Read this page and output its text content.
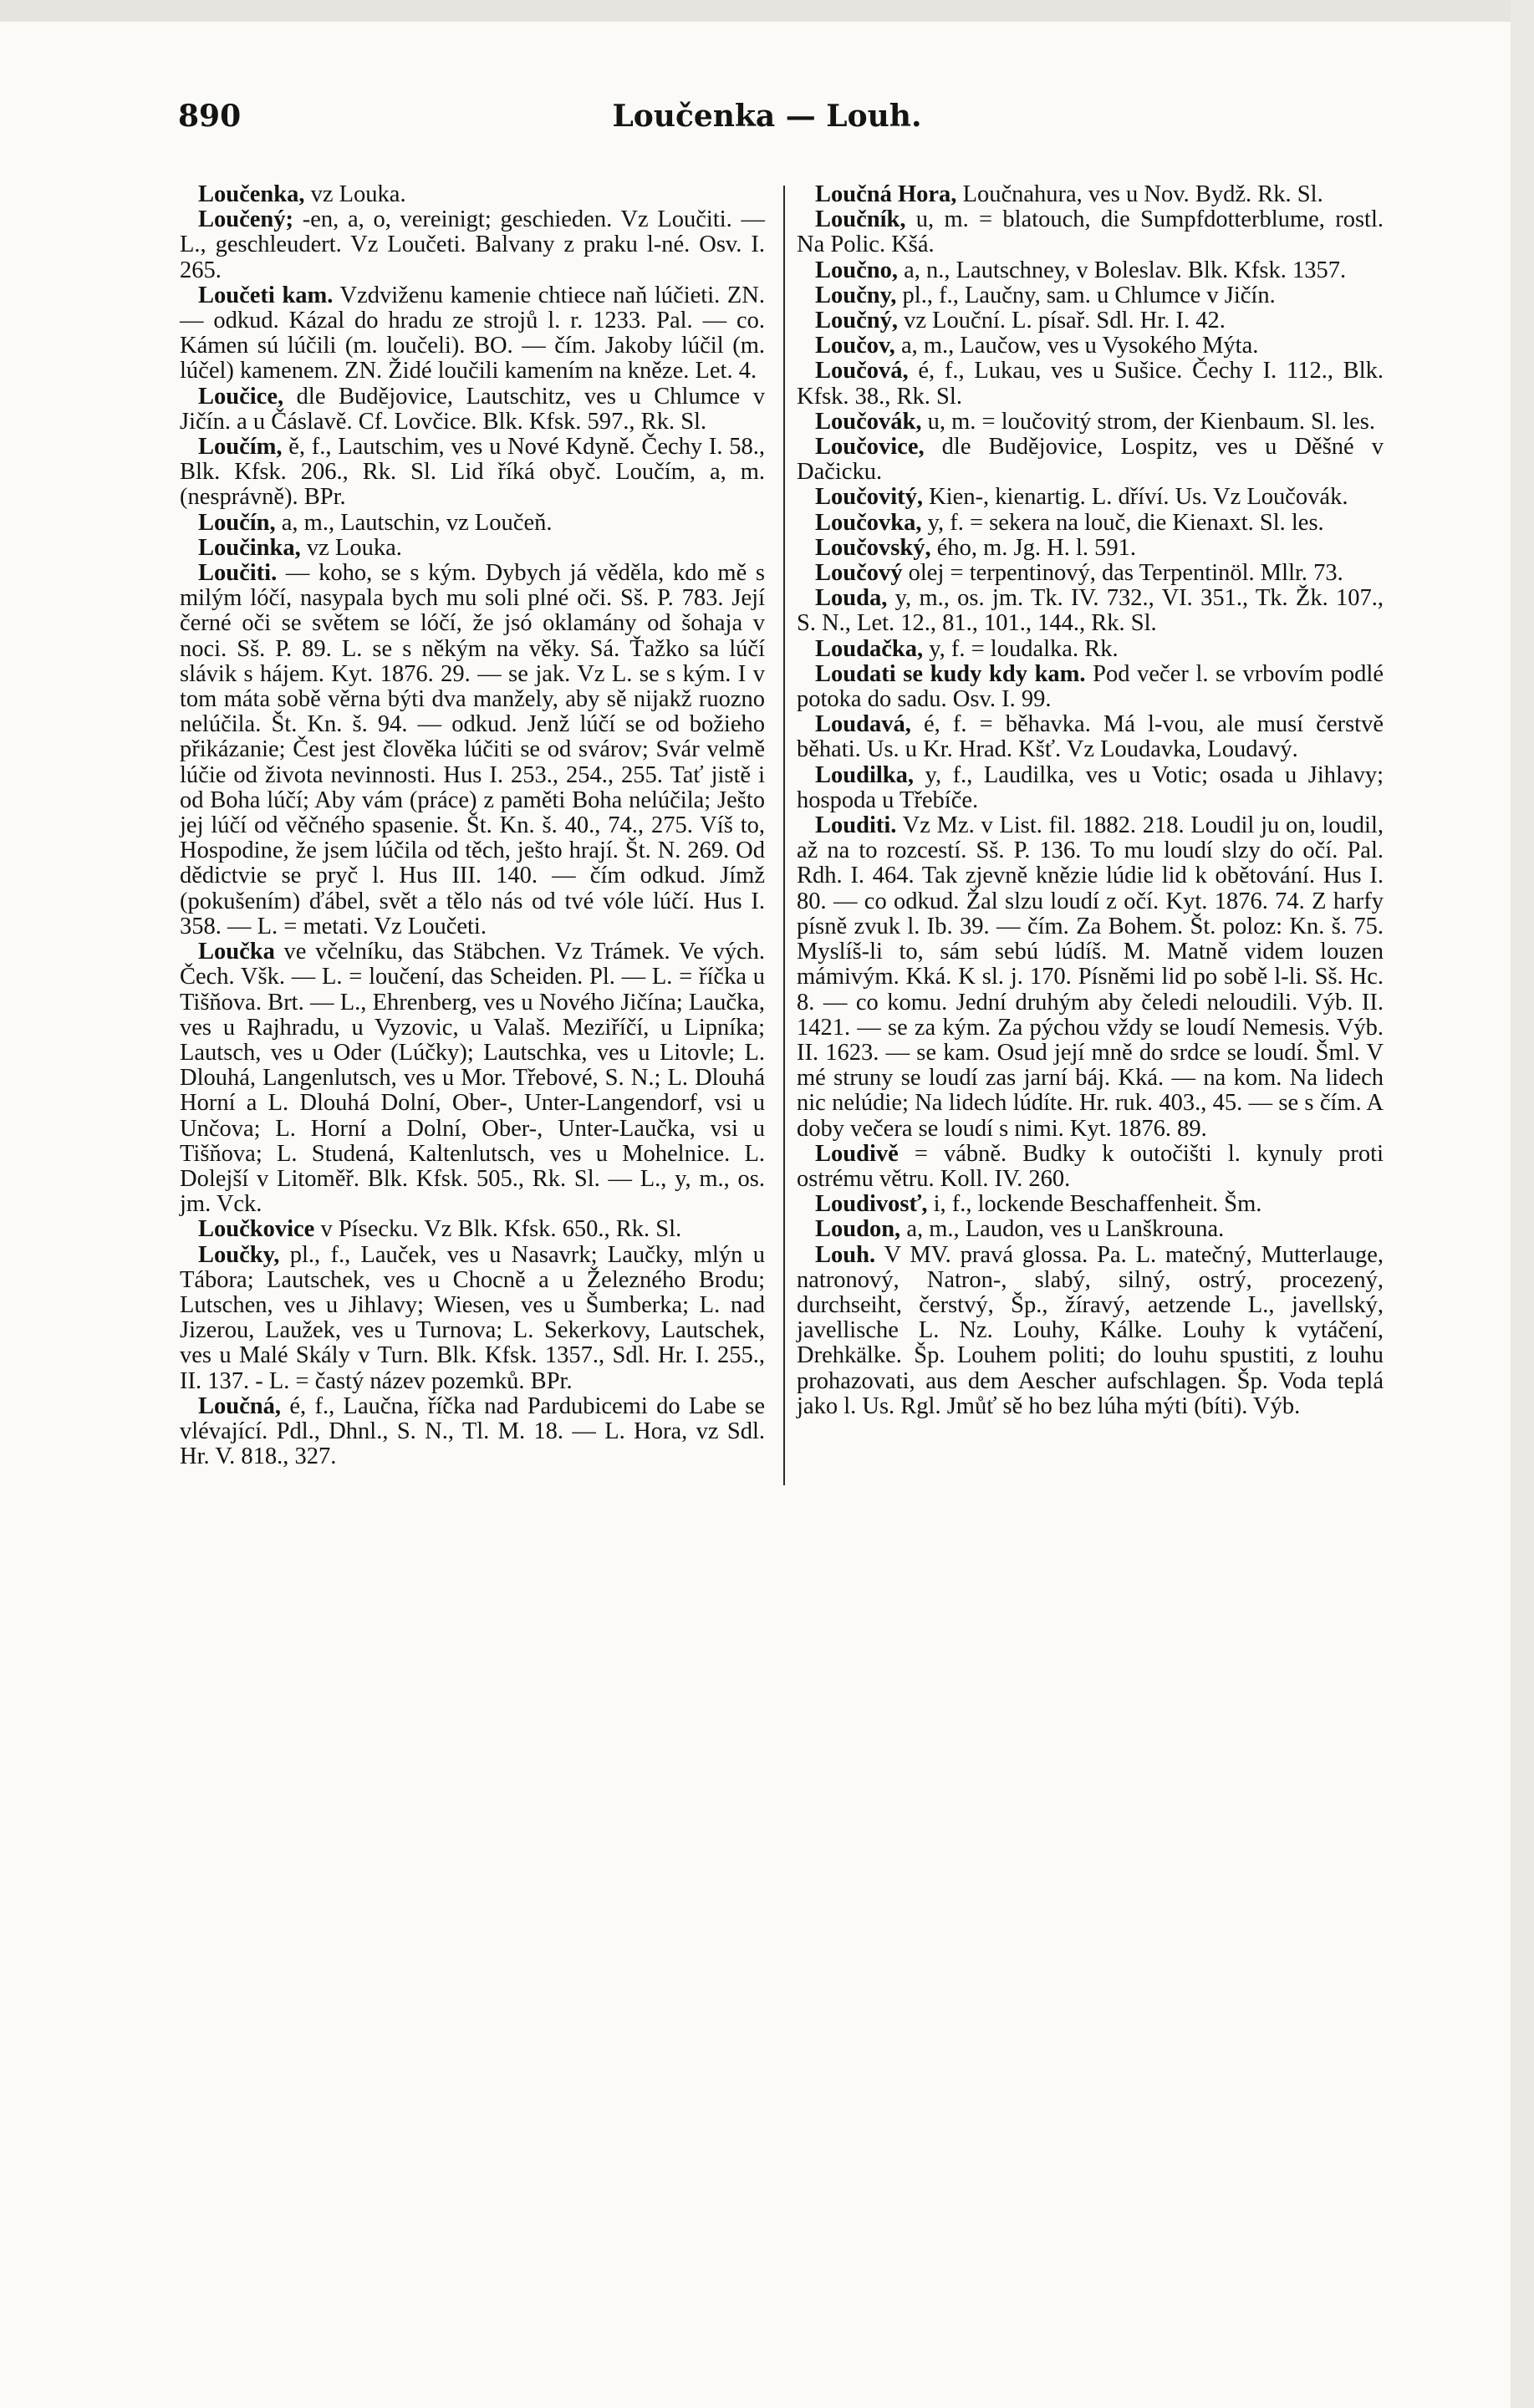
890	Loučenka — Louh.

Loučenka, vz Louka.

Loučený; -en, a, o, vereinigt; geschieden. Vz Loučiti. — L., geschleudert. Vz Loučeti. Balvany z praku l-né. Osv. I. 265.

Loučeti kam. Vzdviženu kamenie chtiece naň lúčieti. ZN. — odkud. Kázal do hradu ze strojů l. r. 1233. Pal. — co. Kámen sú lúčili (m. loučeli). BO. — čím. Jakoby lúčil (m. lúčel) kamenem. ZN. Židé loučili kamením na kněze. Let. 4.

Loučice, dle Budějovice, Lautschitz, ves u Chlumce v Jičín. a u Čáslavě. Cf. Lovčice. Blk. Kfsk. 597., Rk. Sl.

Loučím, ě, f., Lautschim, ves u Nové Kdyně. Čechy I. 58., Blk. Kfsk. 206., Rk. Sl. Lid říká obyč. Loučím, a, m. (nesprávně). BPr.

Loučín, a, m., Lautschin, vz Loučeň.

Loučinka, vz Louka.

Loučiti. — koho, se s kým. Dybych já věděla, kdo mě s milým lóčí, nasypala bych mu soli plné oči. Sš. P. 783. Její černé oči se světem se lóčí, že jsó oklamány od šohaja v noci. Sš. P. 89. L. se s někým na věky. Sá. Ťažko sa lúčí slávik s hájem. Kyt. 1876. 29. — se jak. Vz L. se s kým. I v tom máta sobě věrna býti dva manžely, aby sě nijakž ruozno nelúčila. Št. Kn. š. 94. — odkud. Jenž lúčí se od božieho přikázanie; Čest jest člověka lúčiti se od svárov; Svár velmě lúčie od života nevinnosti. Hus I. 253., 254., 255. Tať jistě i od Boha lúčí; Aby vám (práce) z paměti Boha nelúčila; Ješto jej lúčí od věčného spasenie. Št. Kn. š. 40., 74., 275. Víš to, Hospodine, že jsem lúčila od těch, ješto hrají. Št. N. 269. Od dědictvie se pryč l. Hus III. 140. — čím odkud. Jímž (pokušením) ďábel, svět a tělo nás od tvé vóle lúčí. Hus I. 358. — L. = metati. Vz Loučeti.

Loučka ve včelníku, das Stäbchen. Vz Trámek. Ve vých. Čech. Všk. — L. = loučení, das Scheiden. Pl. — L. = říčka u Tišňova. Brt. — L., Ehrenberg, ves u Nového Jičína; Laučka, ves u Rajhradu, u Vyzovic, u Valaš. Meziříčí, u Lipníka; Lautsch, ves u Oder (Lúčky); Lautschka, ves u Litovle; L. Dlouhá, Langenlutsch, ves u Mor. Třebové, S. N.; L. Dlouhá Horní a L. Dlouhá Dolní, Ober-, Unter-Langendorf, vsi u Unčova; L. Horní a Dolní, Ober-, Unter-Laučka, vsi u Tišňova; L. Studená, Kaltenlutsch, ves u Mohelnice. L. Dolejší v Litoměř. Blk. Kfsk. 505., Rk. Sl. — L., y, m., os. jm. Vck.

Loučkovice v Písecku. Vz Blk. Kfsk. 650., Rk. Sl.

Loučky, pl., f., Lauček, ves u Nasavrk; Laučky, mlýn u Tábora; Lautschek, ves u Chocně a u Železného Brodu; Lutschen, ves u Jihlavy; Wiesen, ves u Šumberka; L. nad Jizerou, Laužek, ves u Turnova; L. Sekerkovy, Lautschek, ves u Malé Skály v Turn. Blk. Kfsk. 1357., Sdl. Hr. I. 255., II. 137. - L. = častý název pozemků. BPr.

Loučná, é, f., Laučna, říčka nad Pardubicemi do Labe se vlévající. Pdl., Dhnl., S. N., Tl. M. 18. — L. Hora, vz Sdl. Hr. V. 818., 327.

Loučná Hora, Loučnahura, ves u Nov. Bydž. Rk. Sl.

Loučník, u, m. = blatouch, die Sumpfdotterblume, rostl. Na Polic. Kšá.

Loučno, a, n., Lautschney, v Boleslav. Blk. Kfsk. 1357.

Loučny, pl., f., Laučny, sam. u Chlumce v Jičín.

Loučný, vz Louční. L. písař. Sdl. Hr. I. 42.

Loučov, a, m., Laučow, ves u Vysokého Mýta.

Loučová, é, f., Lukau, ves u Sušice. Čechy I. 112., Blk. Kfsk. 38., Rk. Sl.

Loučovák, u, m. = loučovitý strom, der Kienbaum. Sl. les.

Loučovice, dle Budějovice, Lospitz, ves u Děšné v Dačicku.

Loučovitý, Kien-, kienartig. L. dříví. Us. Vz Loučovák.

Loučovka, y, f. = sekera na louč, die Kienaxt. Sl. les.

Loučovský, ého, m. Jg. H. l. 591.

Loučový olej = terpentinový, das Terpentinöl. Mllr. 73.

Louda, y, m., os. jm. Tk. IV. 732., VI. 351., Tk. Žk. 107., S. N., Let. 12., 81., 101., 144., Rk. Sl.

Loudačka, y, f. = loudalka. Rk.

Loudati se kudy kdy kam. Pod večer l. se vrbovím podlé potoka do sadu. Osv. I. 99.

Loudavá, é, f. = běhavka. Má l-vou, ale musí čerstvě běhati. Us. u Kr. Hrad. Kšť. Vz Loudavka, Loudavý.

Loudilka, y, f., Laudilka, ves u Votic; osada u Jihlavy; hospoda u Třebíče.

Louditi. Vz Mz. v List. fil. 1882. 218. Loudil ju on, loudil, až na to rozcestí. Sš. P. 136. To mu loudí slzy do očí. Pal. Rdh. I. 464. Tak zjevně knězie lúdie lid k obětování. Hus I. 80. — co odkud. Žal slzu loudí z očí. Kyt. 1876. 74. Z harfy písně zvuk l. Ib. 39. — čím. Za Bohem. Št. poloz: Kn. š. 75. Myslíš-li to, sám sebú lúdíš. M. Matně videm louzen mámivým. Kká. K sl. j. 170. Písněmi lid po sobě l-li. Sš. Hc. 8. — co komu. Jední druhým aby čeledi neloudili. Výb. II. 1421. — se za kým. Za pýchou vždy se loudí Nemesis. Výb. II. 1623. — se kam. Osud její mně do srdce se loudí. Šml. V mé struny se loudí zas jarní báj. Kká. — na kom. Na lidech nic nelúdie; Na lidech lúdíte. Hr. ruk. 403., 45. — se s čím. A doby večera se loudí s nimi. Kyt. 1876. 89.

Loudivě = vábně. Budky k outočišti l. kynuly proti ostrému větru. Koll. IV. 260.

Loudivosť, i, f., lockende Beschaffenheit. Šm.

Loudon, a, m., Laudon, ves u Lanškrouna.

Louh. V MV. pravá glossa. Pa. L. matečný, Mutterlauge, natronový, Natron-, slabý, silný, ostrý, procezený, durchseiht, čerstvý, Šp., žíravý, aetzende L., javellský, javellische L. Nz. Louhy, Kálke. Louhy k vytáčení, Drehkälke. Šp. Louhem politi; do louhu spustiti, z louhu prohazovati, aus dem Aescher aufschlagen. Šp. Voda teplá jako l. Us. Rgl. Jmůť sě ho bez lúha mýti (bíti). Výb.
